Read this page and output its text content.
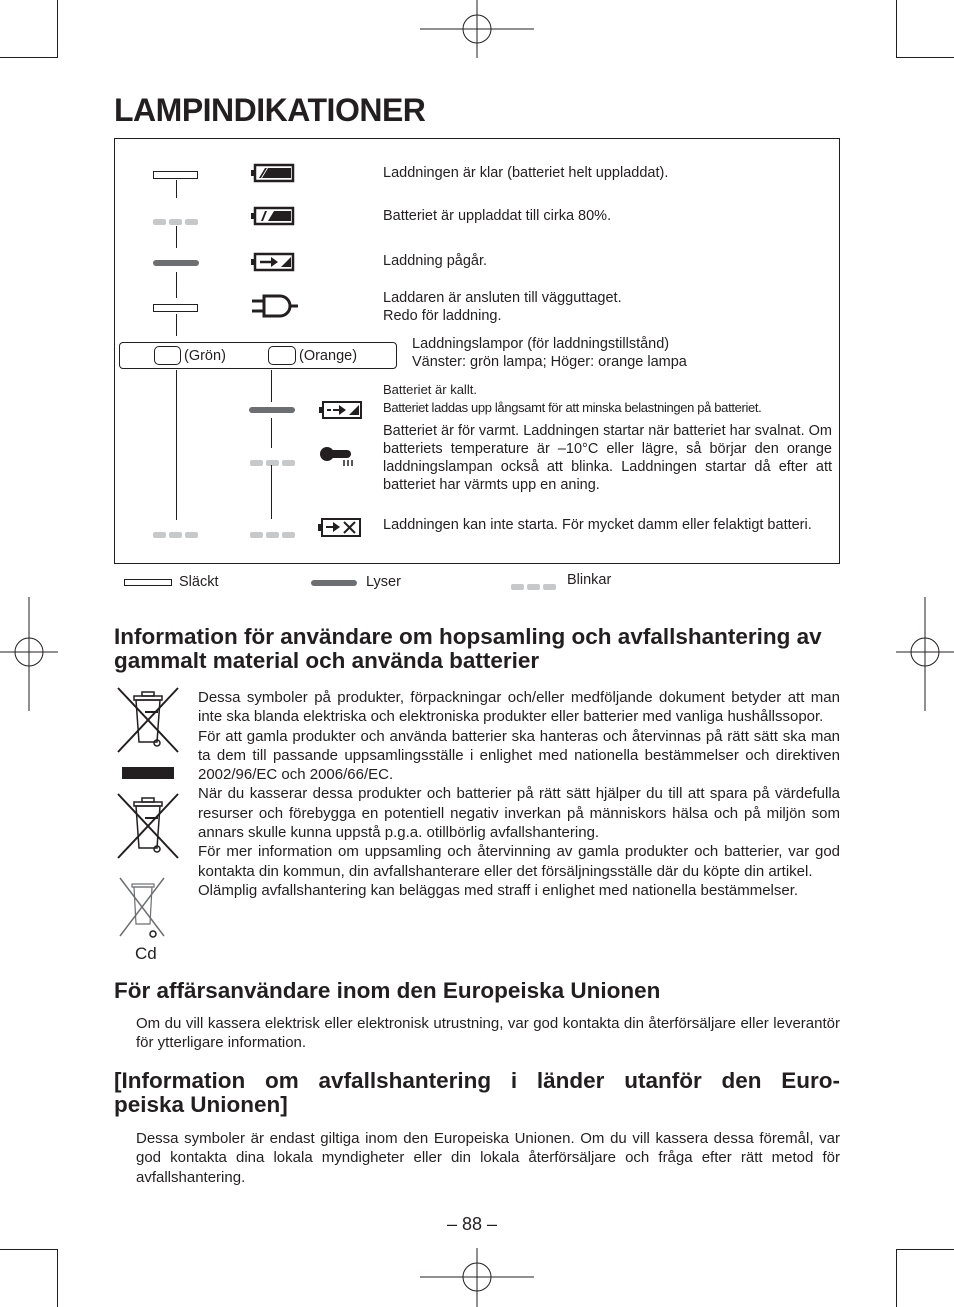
LAMPINDIKATIONER
Laddningen är klar (batteriet helt uppladdat).
Batteriet är uppladdat till cirka 80%.
Laddning pågår.
Laddaren är ansluten till vägguttaget.
Redo för laddning.
(Grön)	(Orange)
Laddningslampor (för laddningstillstånd)
Vänster: grön lampa; Höger: orange lampa
Batteriet är kallt.
Batteriet laddas upp långsamt för att minska belastningen på batteriet.
Batteriet är för varmt. Laddningen startar när batteriet har svalnat. Om batteriets temperature är –10°C eller lägre, så börjar den orange laddningslampan också att blinka. Laddningen startar då efter att batteriet har värmts upp en aning.
Laddningen kan inte starta. För mycket damm eller felaktigt batteri.
Släckt	Lyser	Blinkar
Information för användare om hopsamling och avfallshantering av gammalt material och använda batterier
Cd
Dessa symboler på produkter, förpackningar och/eller medföljande dokument betyder att man inte ska blanda elektriska och elektroniska produkter eller batterier med vanliga hushållssopor.
För att gamla produkter och använda batterier ska hanteras och återvinnas på rätt sätt ska man ta dem till passande uppsamlingsställe i enlighet med nationella bestämmelser och direktiven 2002/96/EC och 2006/66/EC.
När du kasserar dessa produkter och batterier på rätt sätt hjälper du till att spara på värdefulla resurser och förebygga en potentiell negativ inverkan på människors hälsa och på miljön som annars skulle kunna uppstå p.g.a. otillbörlig avfallshantering.
För mer information om uppsamling och återvinning av gamla produkter och batterier, var god kontakta din kommun, din avfallshanterare eller det försäljningsställe där du köpte din artikel.
Olämplig avfallshantering kan beläggas med straff i enlighet med nationella bestämmelser.
För affärsanvändare inom den Europeiska Unionen
Om du vill kassera elektrisk eller elektronisk utrustning, var god kontakta din återförsäljare eller leverantör för ytterligare information.
[Information om avfallshantering i länder utanför den Euro-
peiska Unionen]
Dessa symboler är endast giltiga inom den Europeiska Unionen. Om du vill kassera dessa föremål, var god kontakta dina lokala myndigheter eller din lokala återförsäljare och fråga efter rätt metod för avfallshantering.
– 88 –
